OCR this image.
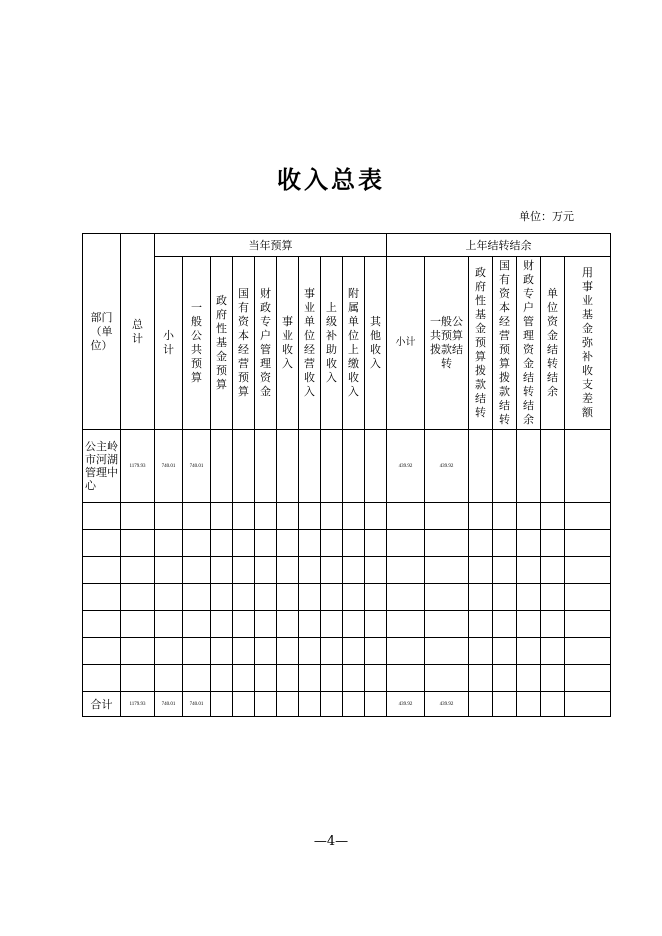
收入总表
单位：万元
部门（单位）	总计	当年预算										上年结转结余						
		小计	一般公共预算	政府性基金预算	国有资本经营预算	财政专户管理资金	事业收入	事业单位经营收入	上级补助收入	附属单位上缴收入	其他收入	小计	一般公共预算拨款结转	政府性基金预算拨款结转	国有资本经营预算拨款结转	财政专户管理资金结转结余	单位资金结转结余	用事业基金弥补收支差额
公主岭市河湖管理中心	1179.93	740.01	740.01									439.92	439.92					

合计	1179.93	740.01	740.01									439.92	439.92					
—4—
